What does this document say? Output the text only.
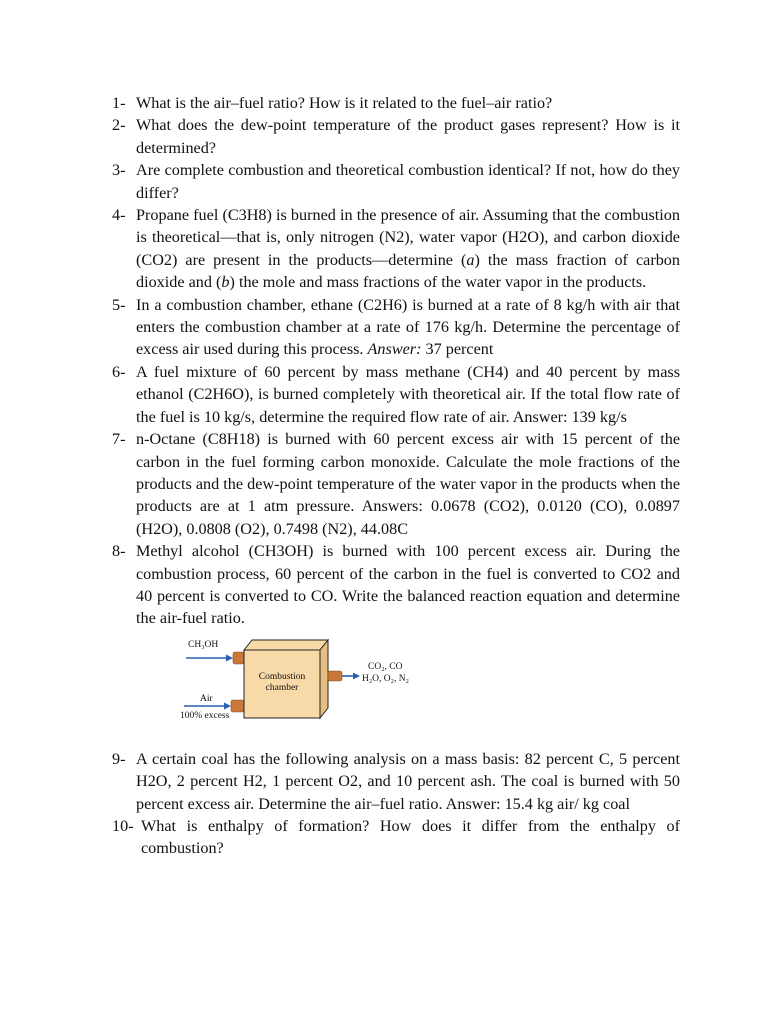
1- What is the air–fuel ratio? How is it related to the fuel–air ratio?
2- What does the dew-point temperature of the product gases represent? How is it determined?
3- Are complete combustion and theoretical combustion identical? If not, how do they differ?
4- Propane fuel (C3H8) is burned in the presence of air. Assuming that the combustion is theoretical—that is, only nitrogen (N2), water vapor (H2O), and carbon dioxide (CO2) are present in the products—determine (a) the mass fraction of carbon dioxide and (b) the mole and mass fractions of the water vapor in the products.
5- In a combustion chamber, ethane (C2H6) is burned at a rate of 8 kg/h with air that enters the combustion chamber at a rate of 176 kg/h. Determine the percentage of excess air used during this process. Answer: 37 percent
6- A fuel mixture of 60 percent by mass methane (CH4) and 40 percent by mass ethanol (C2H6O), is burned completely with theoretical air. If the total flow rate of the fuel is 10 kg/s, determine the required flow rate of air. Answer: 139 kg/s
7- n-Octane (C8H18) is burned with 60 percent excess air with 15 percent of the carbon in the fuel forming carbon monoxide. Calculate the mole fractions of the products and the dew-point temperature of the water vapor in the products when the products are at 1 atm pressure. Answers: 0.0678 (CO2), 0.0120 (CO), 0.0897 (H2O), 0.0808 (O2), 0.7498 (N2), 44.08C
8- Methyl alcohol (CH3OH) is burned with 100 percent excess air. During the combustion process, 60 percent of the carbon in the fuel is converted to CO2 and 40 percent is converted to CO. Write the balanced reaction equation and determine the air-fuel ratio.
CH₃OH
Combustion
chamber
Air
100% excess
CO₂, CO
H₂O, O₂, N₂
9- A certain coal has the following analysis on a mass basis: 82 percent C, 5 percent H2O, 2 percent H2, 1 percent O2, and 10 percent ash. The coal is burned with 50 percent excess air. Determine the air–fuel ratio. Answer: 15.4 kg air/ kg coal
10- What is enthalpy of formation? How does it differ from the enthalpy of combustion?
